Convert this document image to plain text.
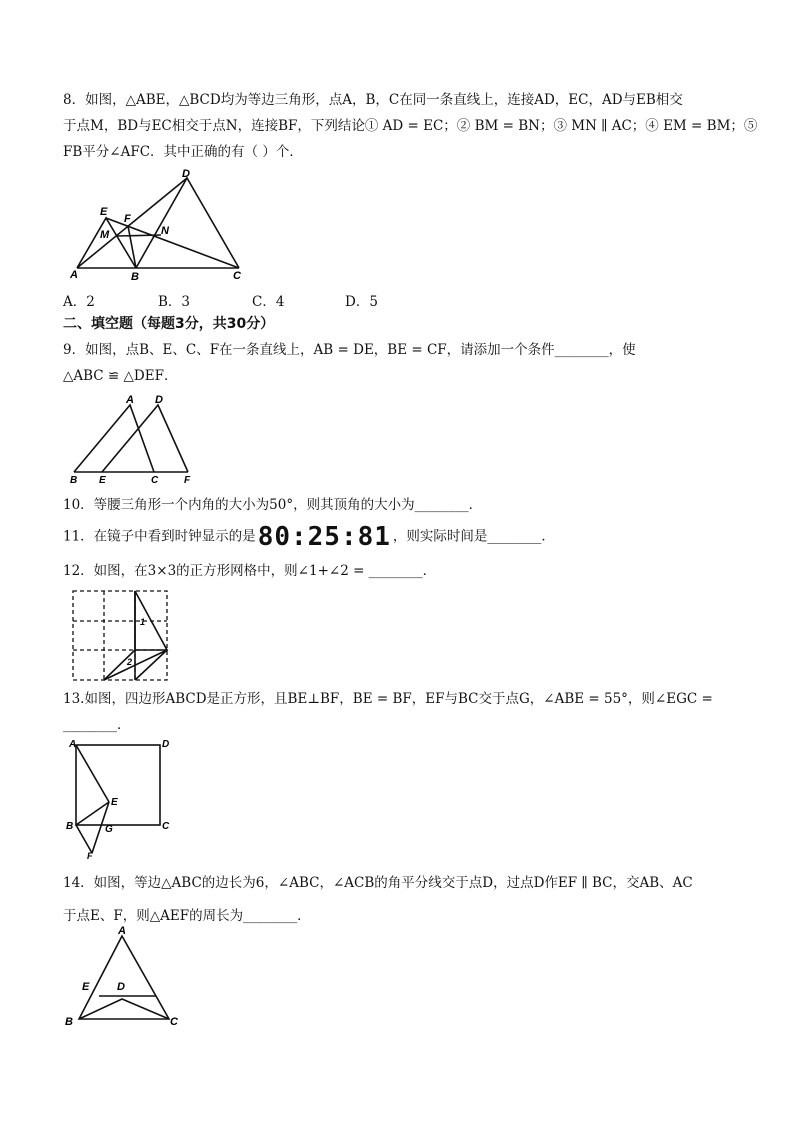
8．如图，△ABE，△BCD均为等边三角形，点A，B，C在同一条直线上，连接AD，EC，AD与EB相交
于点M，BD与EC相交于点N，连接BF，下列结论① AD = EC；② BM = BN；③ MN ∥ AC；④ EM = BM；⑤
FB平分∠AFC．其中正确的有（ ）个．
A	B	C
D
E
F
M	N
A．2	B．3	C．4	D．5
二、填空题（每题3分，共30分）
9．如图，点B、E、C、F在一条直线上，AB = DE，BE = CF，请添加一个条件________，使
△ABC ≌ △DEF．
A D
B E	C	F
10．等腰三角形一个内角的大小为50°，则其顶角的大小为________．
11．在镜子中看到时钟显示的是80:25:81 ，则实际时间是________．
12．如图，在3×3的正方形网格中，则∠1+∠2 = ________．
1
2
13.如图，四边形ABCD是正方形，且BE⊥BF，BE = BF，EF与BC交于点G，∠ABE = 55°，则∠EGC =
________．
A	D
E
B	G	C
F
14．如图，等边△ABC的边长为6，∠ABC，∠ACB的角平分线交于点D，过点D作EF ∥ BC，交AB、AC
于点E、F，则△AEF的周长为________．
A
E	D
B	C
